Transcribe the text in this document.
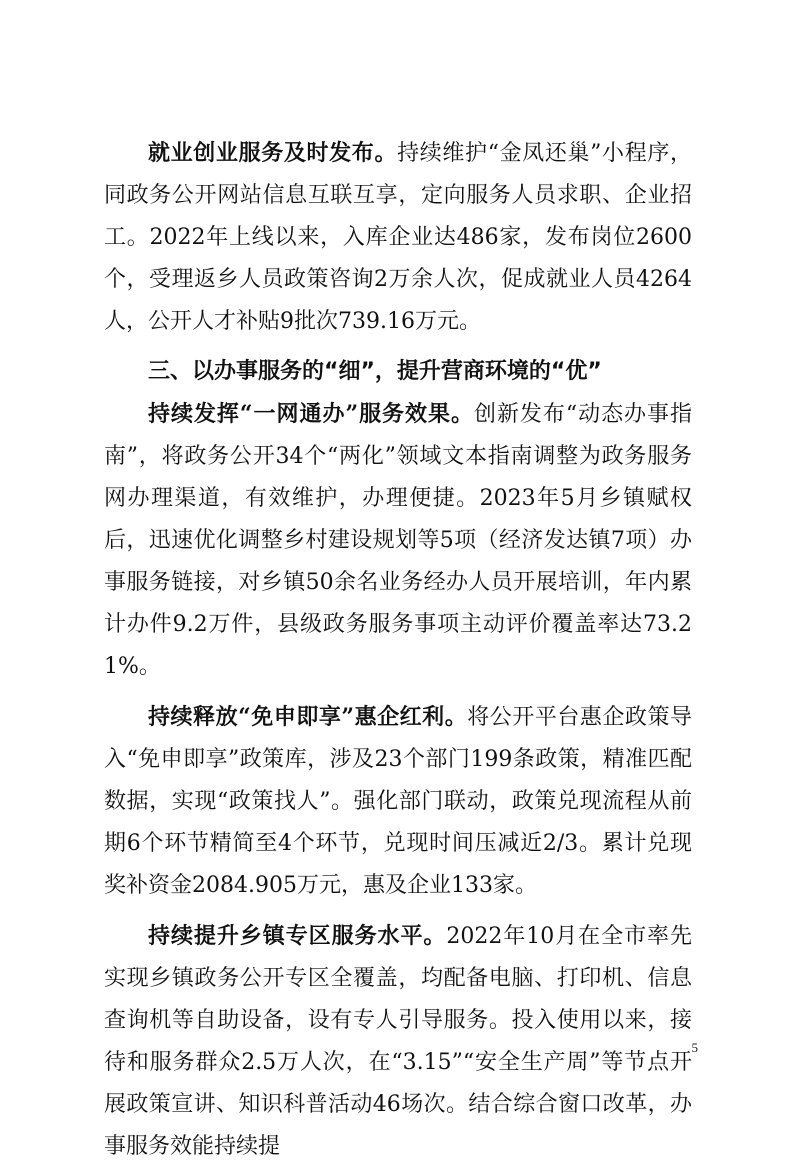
就业创业服务及时发布。持续维护“金凤还巢”小程序，同政务公开网站信息互联互享，定向服务人员求职、企业招工。2022年上线以来，入库企业达486家，发布岗位2600个，受理返乡人员政策咨询2万余人次，促成就业人员4264人，公开人才补贴9批次739.16万元。

三、以办事服务的“细”，提升营商环境的“优”

持续发挥“一网通办”服务效果。创新发布“动态办事指南”，将政务公开34个“两化”领域文本指南调整为政务服务网办理渠道，有效维护，办理便捷。2023年5月乡镇赋权后，迅速优化调整乡村建设规划等5项（经济发达镇7项）办事服务链接，对乡镇50余名业务经办人员开展培训，年内累计办件9.2万件，县级政务服务事项主动评价覆盖率达73.21%。

持续释放“免申即享”惠企红利。将公开平台惠企政策导入“免申即享”政策库，涉及23个部门199条政策，精准匹配数据，实现“政策找人”。强化部门联动，政策兑现流程从前期6个环节精简至4个环节，兑现时间压减近2/3。累计兑现奖补资金2084.905万元，惠及企业133家。

持续提升乡镇专区服务水平。2022年10月在全市率先实现乡镇政务公开专区全覆盖，均配备电脑、打印机、信息查询机等自助设备，设有专人引导服务。投入使用以来，接待和服务群众2.5万人次，在“3.15”“安全生产周”等节点开展政策宣讲、知识科普活动46场次。结合综合窗口改革，办事服务效能持续提

5
